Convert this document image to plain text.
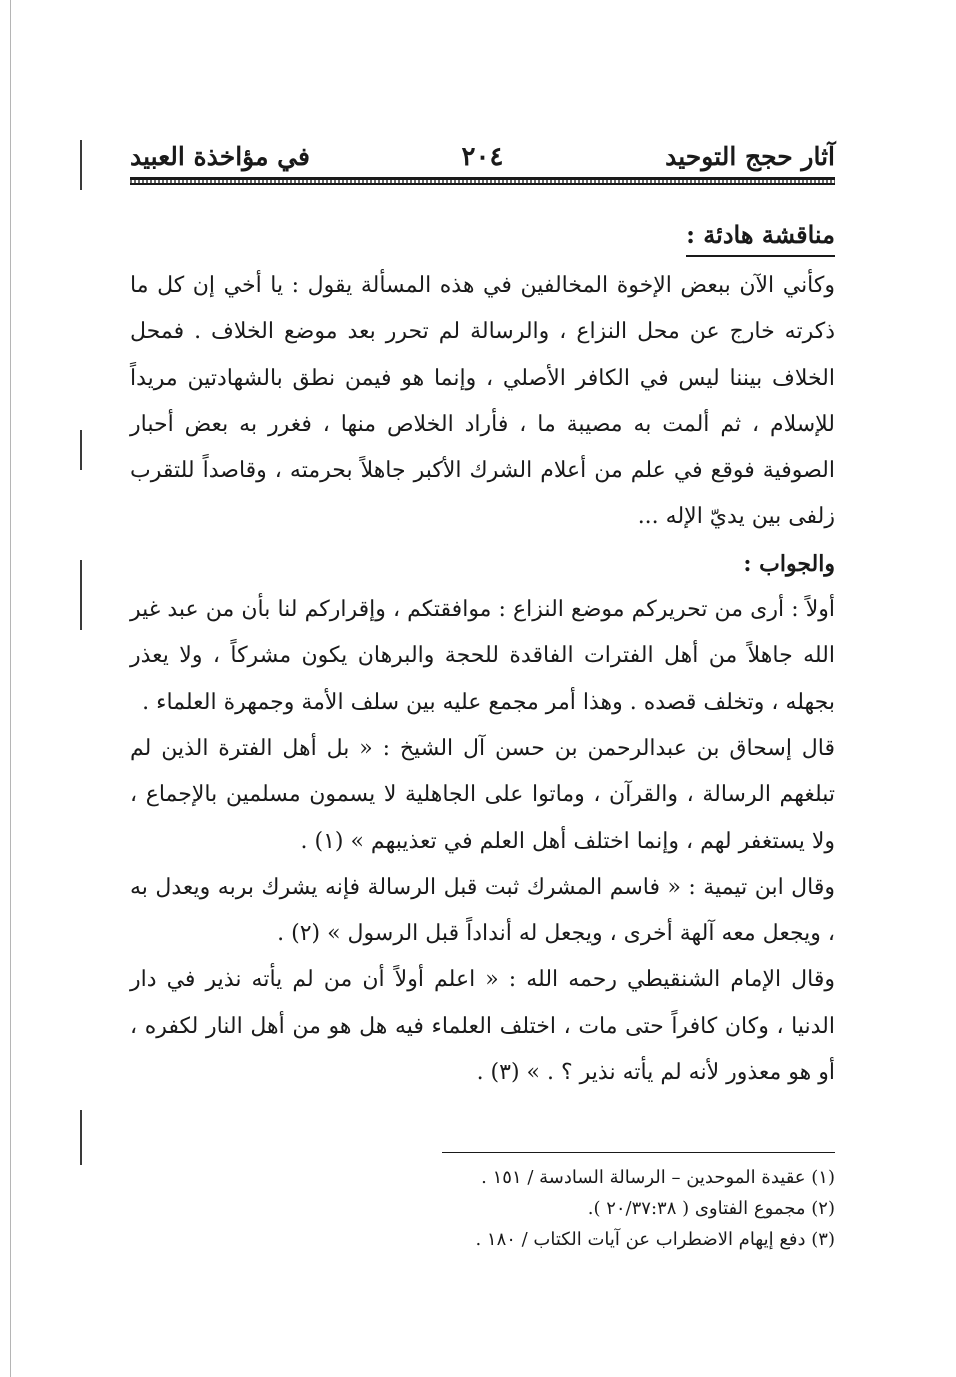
آثار حجج التوحيد
٢٠٤
في مؤاخذة العبيد
مناقشة هادئة :

وكأني الآن ببعض الإخوة المخالفين في هذه المسألة يقول : يا أخي إن كل ما ذكرته خارج عن محل النزاع ، والرسالة لم تحرر بعد موضع الخلاف . فمحل الخلاف بيننا ليس في الكافر الأصلي ، وإنما هو فيمن نطق بالشهادتين مريداً للإسلام ، ثم ألمت به مصيبة ما ، فأراد الخلاص منها ، فغرر به بعض أحبار الصوفية فوقع في علم من أعلام الشرك الأكبر جاهلاً بحرمته ، وقاصداً للتقرب زلفى بين يديّ الإله ...

والجواب :

أولاً : أرى من تحريركم موضع النزاع : موافقتكم ، وإقراركم لنا بأن من عبد غير الله جاهلاً من أهل الفترات الفاقدة للحجة والبرهان يكون مشركاً ، ولا يعذر بجهله ، وتخلف قصده . وهذا أمر مجمع عليه بين سلف الأمة وجمهرة العلماء .

قال إسحاق بن عبدالرحمن بن حسن آل الشيخ : « بل أهل الفترة الذين لم تبلغهم الرسالة ، والقرآن ، وماتوا على الجاهلية لا يسمون مسلمين بالإجماع ، ولا يستغفر لهم ، وإنما اختلف أهل العلم في تعذيبهم » (١) .

وقال ابن تيمية : « فاسم المشرك ثبت قبل الرسالة فإنه يشرك بربه ويعدل به ، ويجعل معه آلهة أخرى ، ويجعل له أنداداً قبل الرسول » (٢) .

وقال الإمام الشنقيطي رحمه الله : « اعلم أولاً أن من لم يأته نذير في دار الدنيا ، وكان كافراً حتى مات ، اختلف العلماء فيه هل هو من أهل النار لكفره ، أو هو معذور لأنه لم يأته نذير ؟ . » (٣) .

(١) عقيدة الموحدين – الرسالة السادسة / ١٥١ .
(٢) مجموع الفتاوى ( ٢٠/٣٧:٣٨ ).
(٣) دفع إيهام الاضطراب عن آيات الكتاب / ١٨٠ .
